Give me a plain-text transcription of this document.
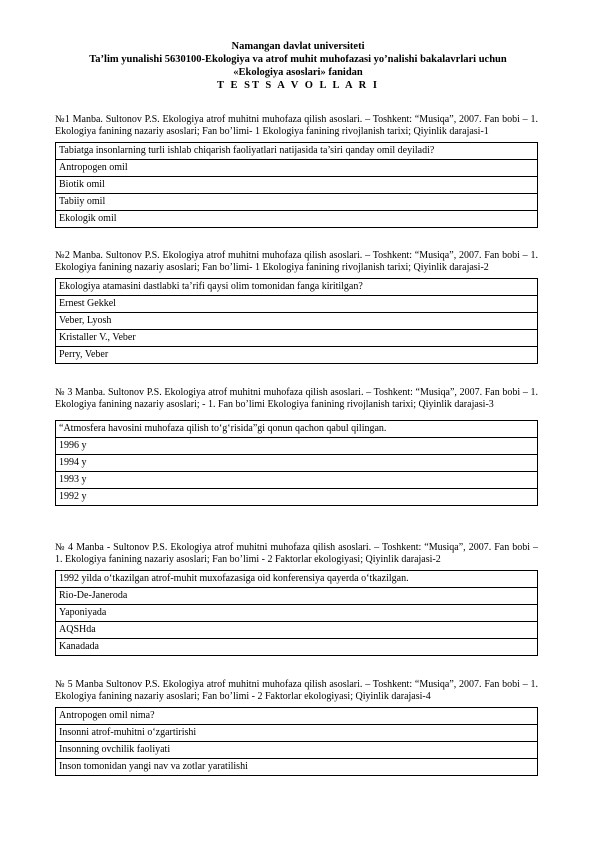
Namangan davlat universiteti
Ta’lim yunalishi 5630100-Ekologiya va atrof muhit muhofazasi yo’nalishi bakalavrlari uchun
«Ekologiya asoslari» fanidan
T E ST S A V O L L A R I

№1 Manba. Sultonov P.S. Ekologiya atrof muhitni muhofaza qilish asoslari. – Toshkent: “Musiqa”, 2007. Fan bobi – 1. Ekologiya fanining nazariy asoslari; Fan bo’limi- 1 Ekologiya fanining rivojlanish tarixi; Qiyinlik darajasi-1

Tabiatga insonlarning turli ishlab chiqarish faoliyatlari natijasida ta’siri qanday omil deyiladi?
Antropogen omil
Biotik omil
Tabiiy omil
Ekologik omil

№2 Manba. Sultonov P.S. Ekologiya atrof muhitni muhofaza qilish asoslari. – Toshkent: “Musiqa”, 2007. Fan bobi – 1. Ekologiya fanining nazariy asoslari; Fan bo’limi- 1 Ekologiya fanining rivojlanish tarixi; Qiyinlik darajasi-2

Ekologiya atamasini dastlabki ta’rifi qaysi olim tomonidan fanga kiritilgan?
Ernest Gekkel
Veber, Lyosh
Kristaller V., Veber
Perry, Veber

№ 3 Manba. Sultonov P.S. Ekologiya atrof muhitni muhofaza qilish asoslari. – Toshkent: “Musiqa”, 2007. Fan bobi – 1. Ekologiya fanining nazariy asoslari; - 1. Fan bo’limi Ekologiya fanining rivojlanish tarixi; Qiyinlik darajasi-3

“Atmosfera havosini muhofaza qilish to‘g‘risida”gi qonun qachon qabul qilingan.
1996 y
1994 y
1993 y
1992 y

№ 4 Manba - Sultonov P.S. Ekologiya atrof muhitni muhofaza qilish asoslari. – Toshkent: “Musiqa”, 2007. Fan bobi – 1. Ekologiya fanining nazariy asoslari; Fan bo’limi - 2 Faktorlar ekologiyasi; Qiyinlik darajasi-2

1992 yilda o‘tkazilgan atrof-muhit muxofazasiga oid konferensiya qayerda o‘tkazilgan.
Rio-De-Janeroda
Yaponiyada
AQSHda
Kanadada

№ 5 Manba Sultonov P.S. Ekologiya atrof muhitni muhofaza qilish asoslari. – Toshkent: “Musiqa”, 2007. Fan bobi – 1. Ekologiya fanining nazariy asoslari; Fan bo’limi - 2 Faktorlar ekologiyasi; Qiyinlik darajasi-4

Antropogen omil nima?
Insonni atrof-muhitni o‘zgartirishi
Insonning ovchilik faoliyati
Inson tomonidan yangi nav va zotlar yaratilishi
